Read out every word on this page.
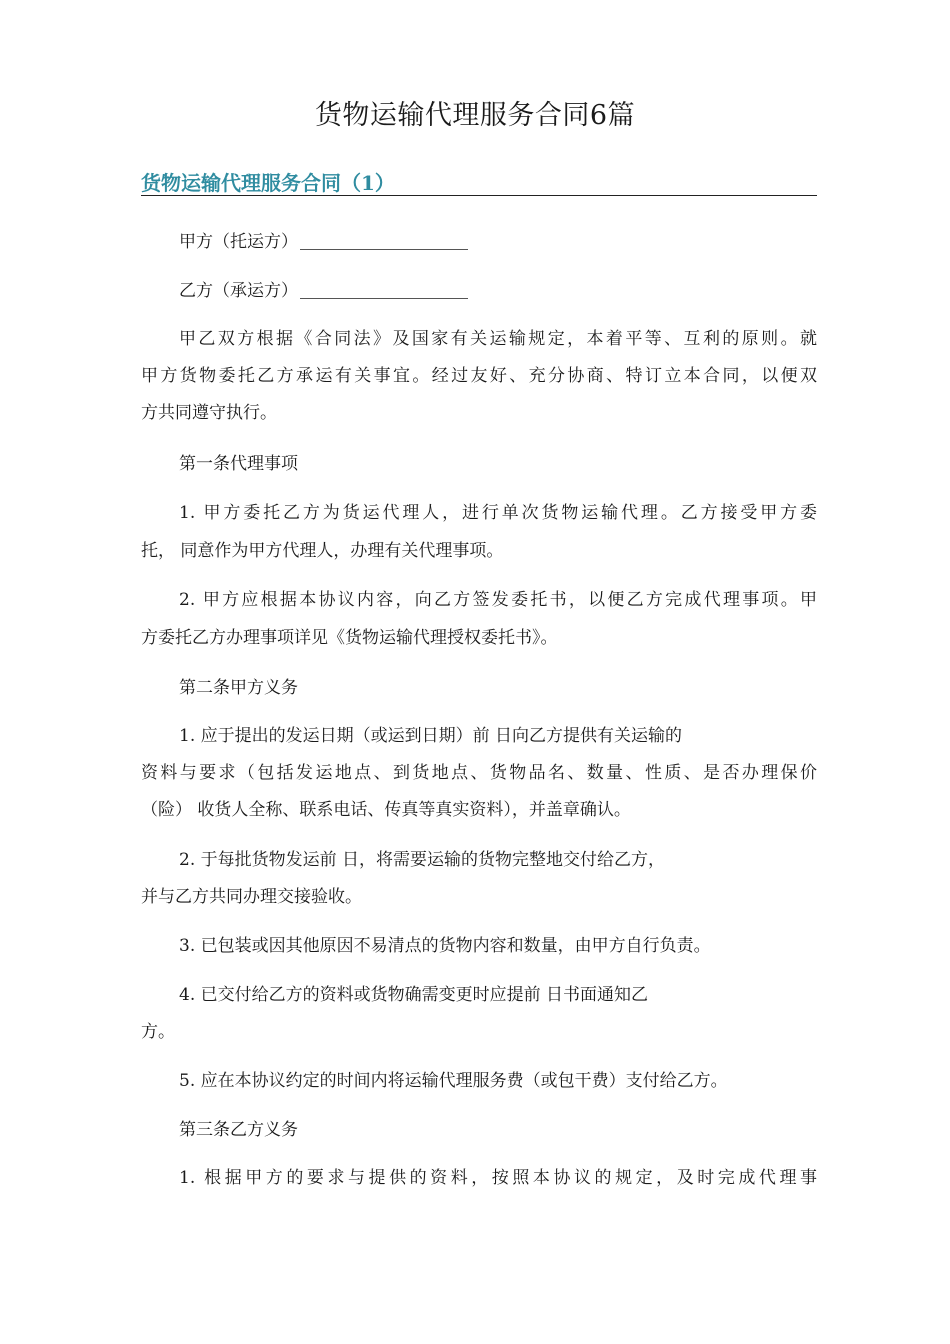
货物运输代理服务合同6篇
货物运输代理服务合同（1）
甲方（托运方）
乙方（承运方）
甲乙双方根据《合同法》及国家有关运输规定，本着平等、互利的原则。就
甲方货物委托乙方承运有关事宜。经过友好、充分协商、特订立本合同，以便双
方共同遵守执行。
第一条代理事项
1. 甲方委托乙方为货运代理人，进行单次货物运输代理。乙方接受甲方委
托， 同意作为甲方代理人，办理有关代理事项。
2. 甲方应根据本协议内容，向乙方签发委托书，以便乙方完成代理事项。甲
方委托乙方办理事项详见《货物运输代理授权委托书》。
第二条甲方义务
1. 应于提出的发运日期（或运到日期）前 日向乙方提供有关运输的
资料与要求（包括发运地点、到货地点、货物品名、数量、性质、是否办理保价
（险） 收货人全称、联系电话、传真等真实资料），并盖章确认。
2. 于每批货物发运前 日，将需要运输的货物完整地交付给乙方，
并与乙方共同办理交接验收。
3. 已包装或因其他原因不易清点的货物内容和数量，由甲方自行负责。
4. 已交付给乙方的资料或货物确需变更时应提前 日书面通知乙
方。
5. 应在本协议约定的时间内将运输代理服务费（或包干费）支付给乙方。
第三条乙方义务
1. 根据甲方的要求与提供的资料，按照本协议的规定，及时完成代理事
